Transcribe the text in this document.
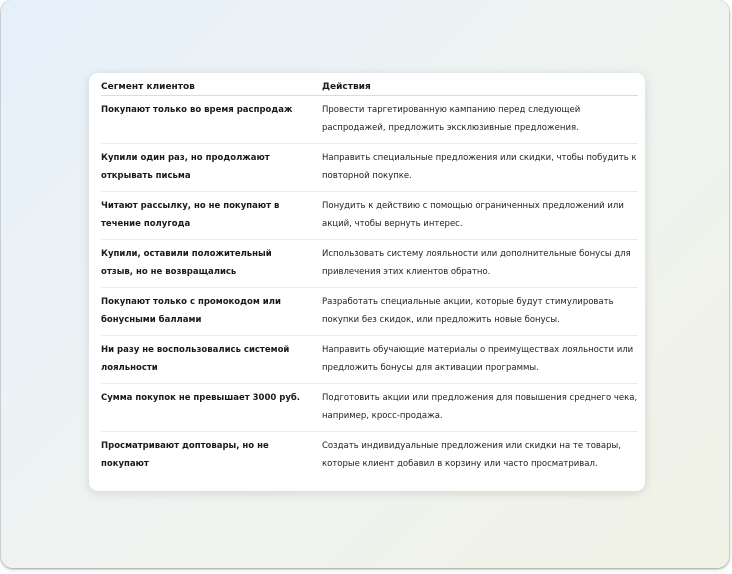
Сегмент клиентов	Действия
Покупают только во время распродаж	Провести таргетированную кампанию перед следующей распродажей, предложить эксклюзивные предложения.
Купили один раз, но продолжают открывать письма	Направить специальные предложения или скидки, чтобы побудить к повторной покупке.
Читают рассылку, но не покупают в течение полугода	Понудить к действию с помощью ограниченных предложений или акций, чтобы вернуть интерес.
Купили, оставили положительный отзыв, но не возвращались	Использовать систему лояльности или дополнительные бонусы для привлечения этих клиентов обратно.
Покупают только с промокодом или бонусными баллами	Разработать специальные акции, которые будут стимулировать покупки без скидок, или предложить новые бонусы.
Ни разу не воспользовались системой лояльности	Направить обучающие материалы о преимуществах лояльности или предложить бонусы для активации программы.
Сумма покупок не превышает 3000 руб.	Подготовить акции или предложения для повышения среднего чека, например, кросс-продажа.
Просматривают доптовары, но не покупают	Создать индивидуальные предложения или скидки на те товары, которые клиент добавил в корзину или часто просматривал.
